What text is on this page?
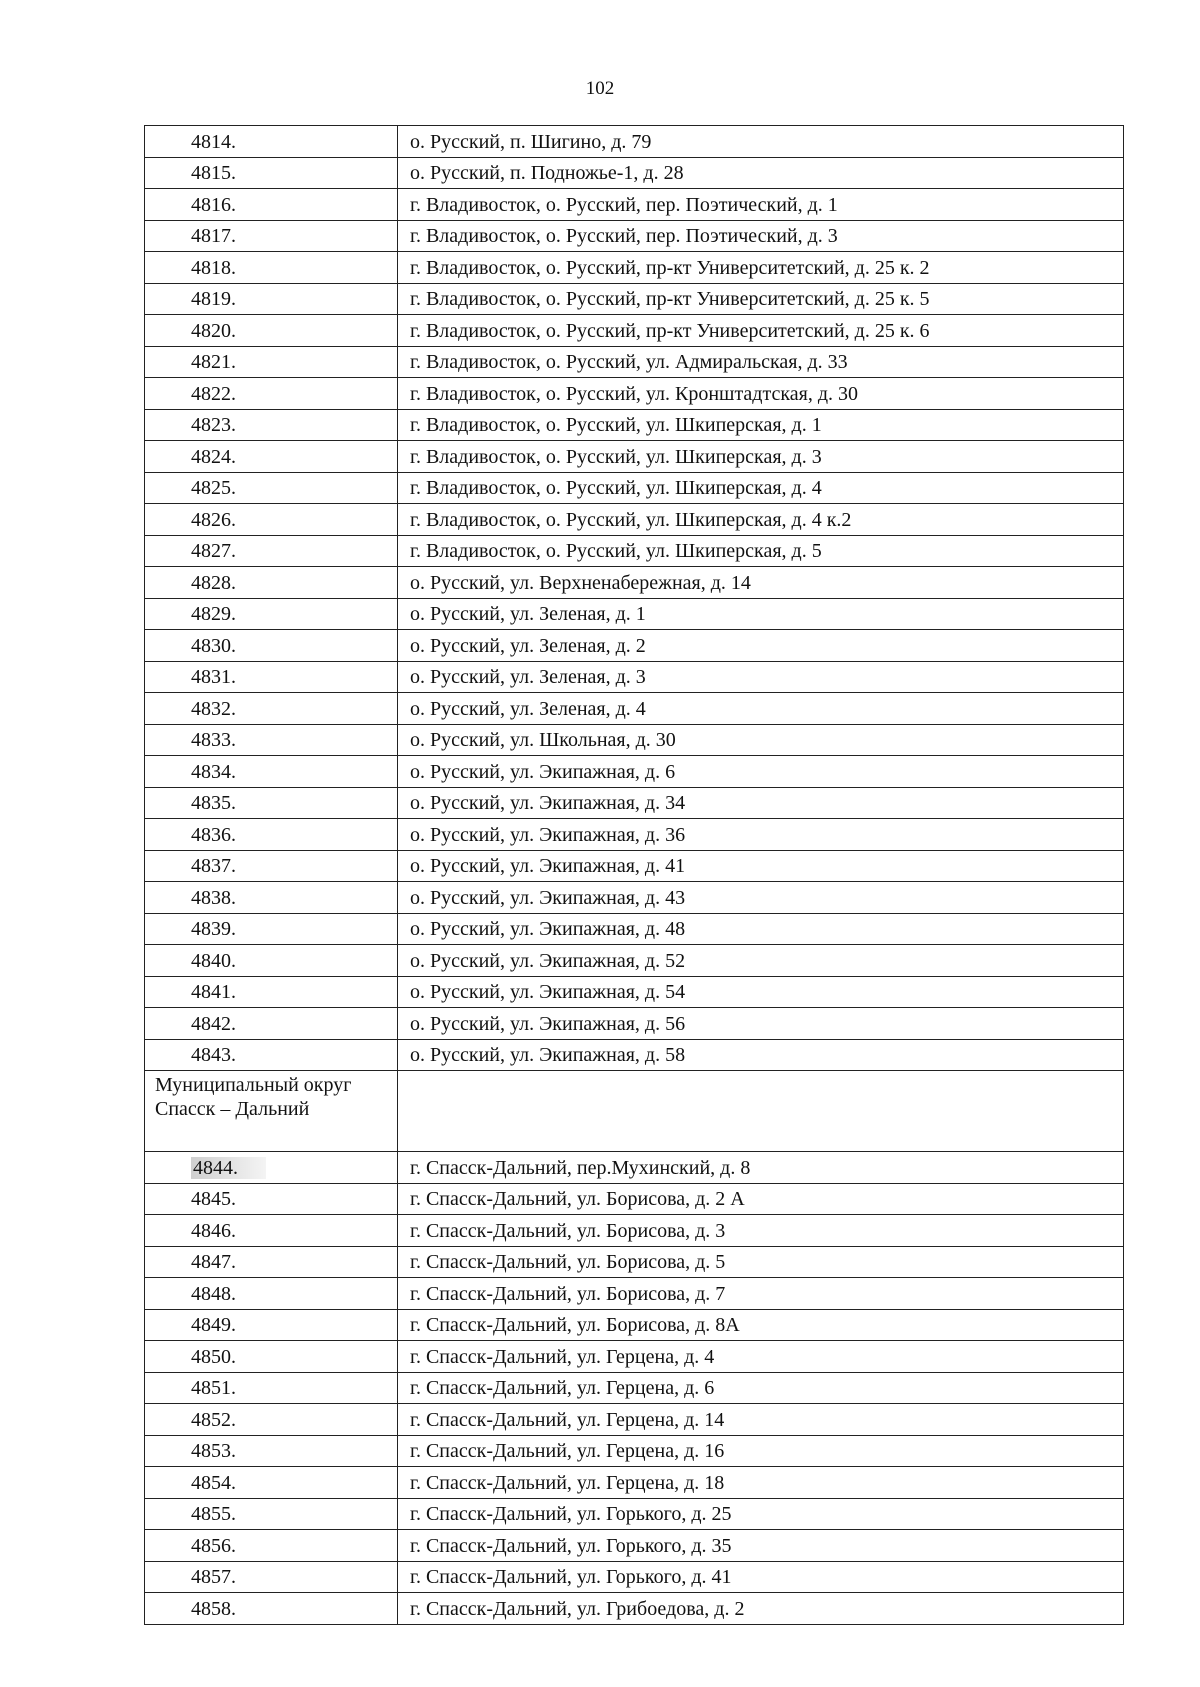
102
4814.	о. Русский, п. Шигино, д. 79
4815.	о. Русский, п. Подножье-1, д. 28
4816.	г. Владивосток, о. Русский, пер. Поэтический, д. 1
4817.	г. Владивосток, о. Русский, пер. Поэтический, д. 3
4818.	г. Владивосток, о. Русский, пр-кт Университетский, д. 25 к. 2
4819.	г. Владивосток, о. Русский, пр-кт Университетский, д. 25 к. 5
4820.	г. Владивосток, о. Русский, пр-кт Университетский, д. 25 к. 6
4821.	г. Владивосток, о. Русский, ул. Адмиральская, д. 33
4822.	г. Владивосток, о. Русский, ул. Кронштадтская, д. 30
4823.	г. Владивосток, о. Русский, ул. Шкиперская, д. 1
4824.	г. Владивосток, о. Русский, ул. Шкиперская, д. 3
4825.	г. Владивосток, о. Русский, ул. Шкиперская, д. 4
4826.	г. Владивосток, о. Русский, ул. Шкиперская, д. 4 к.2
4827.	г. Владивосток, о. Русский, ул. Шкиперская, д. 5
4828.	о. Русский, ул. Верхненабережная, д. 14
4829.	о. Русский, ул. Зеленая, д. 1
4830.	о. Русский, ул. Зеленая, д. 2
4831.	о. Русский, ул. Зеленая, д. 3
4832.	о. Русский, ул. Зеленая, д. 4
4833.	о. Русский, ул. Школьная, д. 30
4834.	о. Русский, ул. Экипажная, д. 6
4835.	о. Русский, ул. Экипажная, д. 34
4836.	о. Русский, ул. Экипажная, д. 36
4837.	о. Русский, ул. Экипажная, д. 41
4838.	о. Русский, ул. Экипажная, д. 43
4839.	о. Русский, ул. Экипажная, д. 48
4840.	о. Русский, ул. Экипажная, д. 52
4841.	о. Русский, ул. Экипажная, д. 54
4842.	о. Русский, ул. Экипажная, д. 56
4843.	о. Русский, ул. Экипажная, д. 58
Муниципальный округ Спасск – Дальний	
4844.	г. Спасск-Дальний, пер.Мухинский, д. 8
4845.	г. Спасск-Дальний, ул. Борисова, д. 2 А
4846.	г. Спасск-Дальний, ул. Борисова, д. 3
4847.	г. Спасск-Дальний, ул. Борисова, д. 5
4848.	г. Спасск-Дальний, ул. Борисова, д. 7
4849.	г. Спасск-Дальний, ул. Борисова, д. 8А
4850.	г. Спасск-Дальний, ул. Герцена, д. 4
4851.	г. Спасск-Дальний, ул. Герцена, д. 6
4852.	г. Спасск-Дальний, ул. Герцена, д. 14
4853.	г. Спасск-Дальний, ул. Герцена, д. 16
4854.	г. Спасск-Дальний, ул. Герцена, д. 18
4855.	г. Спасск-Дальний, ул. Горького, д. 25
4856.	г. Спасск-Дальний, ул. Горького, д. 35
4857.	г. Спасск-Дальний, ул. Горького, д. 41
4858.	г. Спасск-Дальний, ул. Грибоедова, д. 2
